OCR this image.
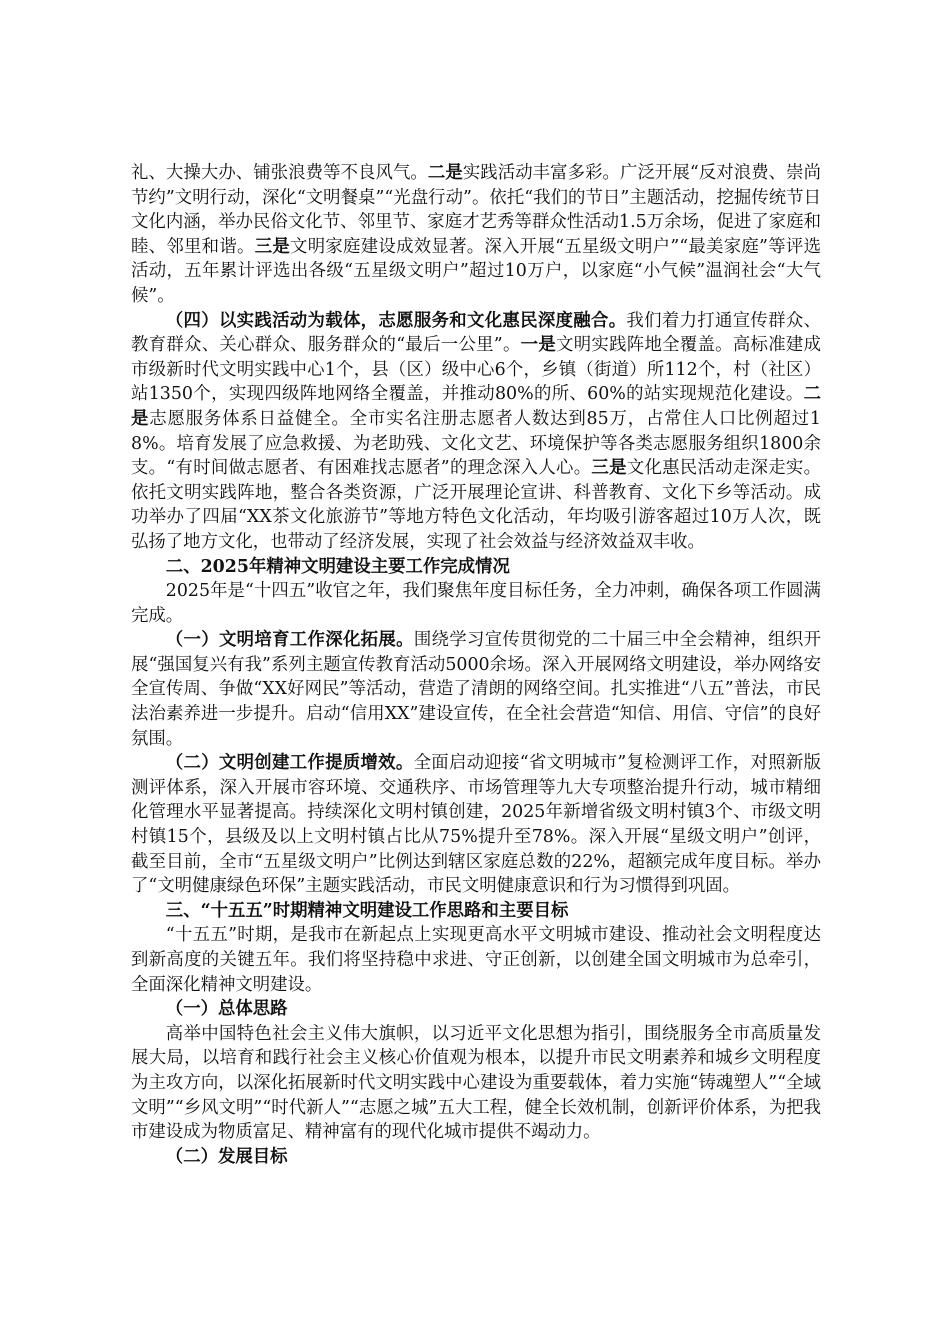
礼、大操大办、铺张浪费等不良风气。二是实践活动丰富多彩。广泛开展“反对浪费、崇尚节约”文明行动，深化“文明餐桌”“光盘行动”。依托“我们的节日”主题活动，挖掘传统节日文化内涵，举办民俗文化节、邻里节、家庭才艺秀等群众性活动1.5万余场，促进了家庭和睦、邻里和谐。三是文明家庭建设成效显著。深入开展“五星级文明户”“最美家庭”等评选活动，五年累计评选出各级“五星级文明户”超过10万户，以家庭“小气候”温润社会“大气候”。

（四）以实践活动为载体，志愿服务和文化惠民深度融合。我们着力打通宣传群众、教育群众、关心群众、服务群众的“最后一公里”。一是文明实践阵地全覆盖。高标准建成市级新时代文明实践中心1个，县（区）级中心6个，乡镇（街道）所112个，村（社区）站1350个，实现四级阵地网络全覆盖，并推动80%的所、60%的站实现规范化建设。二是志愿服务体系日益健全。全市实名注册志愿者人数达到85万，占常住人口比例超过18%。培育发展了应急救援、为老助残、文化文艺、环境保护等各类志愿服务组织1800余支。“有时间做志愿者、有困难找志愿者”的理念深入人心。三是文化惠民活动走深走实。依托文明实践阵地，整合各类资源，广泛开展理论宣讲、科普教育、文化下乡等活动。成功举办了四届“XX茶文化旅游节”等地方特色文化活动，年均吸引游客超过10万人次，既弘扬了地方文化，也带动了经济发展，实现了社会效益与经济效益双丰收。

二、2025年精神文明建设主要工作完成情况

2025年是“十四五”收官之年，我们聚焦年度目标任务，全力冲刺，确保各项工作圆满完成。

（一）文明培育工作深化拓展。围绕学习宣传贯彻党的二十届三中全会精神，组织开展“强国复兴有我”系列主题宣传教育活动5000余场。深入开展网络文明建设，举办网络安全宣传周、争做“XX好网民”等活动，营造了清朗的网络空间。扎实推进“八五”普法，市民法治素养进一步提升。启动“信用XX”建设宣传，在全社会营造“知信、用信、守信”的良好氛围。

（二）文明创建工作提质增效。全面启动迎接“省文明城市”复检测评工作，对照新版测评体系，深入开展市容环境、交通秩序、市场管理等九大专项整治提升行动，城市精细化管理水平显著提高。持续深化文明村镇创建，2025年新增省级文明村镇3个、市级文明村镇15个，县级及以上文明村镇占比从75%提升至78%。深入开展“星级文明户”创评，截至目前，全市“五星级文明户”比例达到辖区家庭总数的22%，超额完成年度目标。举办了“文明健康绿色环保”主题实践活动，市民文明健康意识和行为习惯得到巩固。

三、“十五五”时期精神文明建设工作思路和主要目标

“十五五”时期，是我市在新起点上实现更高水平文明城市建设、推动社会文明程度达到新高度的关键五年。我们将坚持稳中求进、守正创新，以创建全国文明城市为总牵引，全面深化精神文明建设。

（一）总体思路

高举中国特色社会主义伟大旗帜，以习近平文化思想为指引，围绕服务全市高质量发展大局，以培育和践行社会主义核心价值观为根本，以提升市民文明素养和城乡文明程度为主攻方向，以深化拓展新时代文明实践中心建设为重要载体，着力实施“铸魂塑人”“全域文明”“乡风文明”“时代新人”“志愿之城”五大工程，健全长效机制，创新评价体系，为把我市建设成为物质富足、精神富有的现代化城市提供不竭动力。

（二）发展目标
